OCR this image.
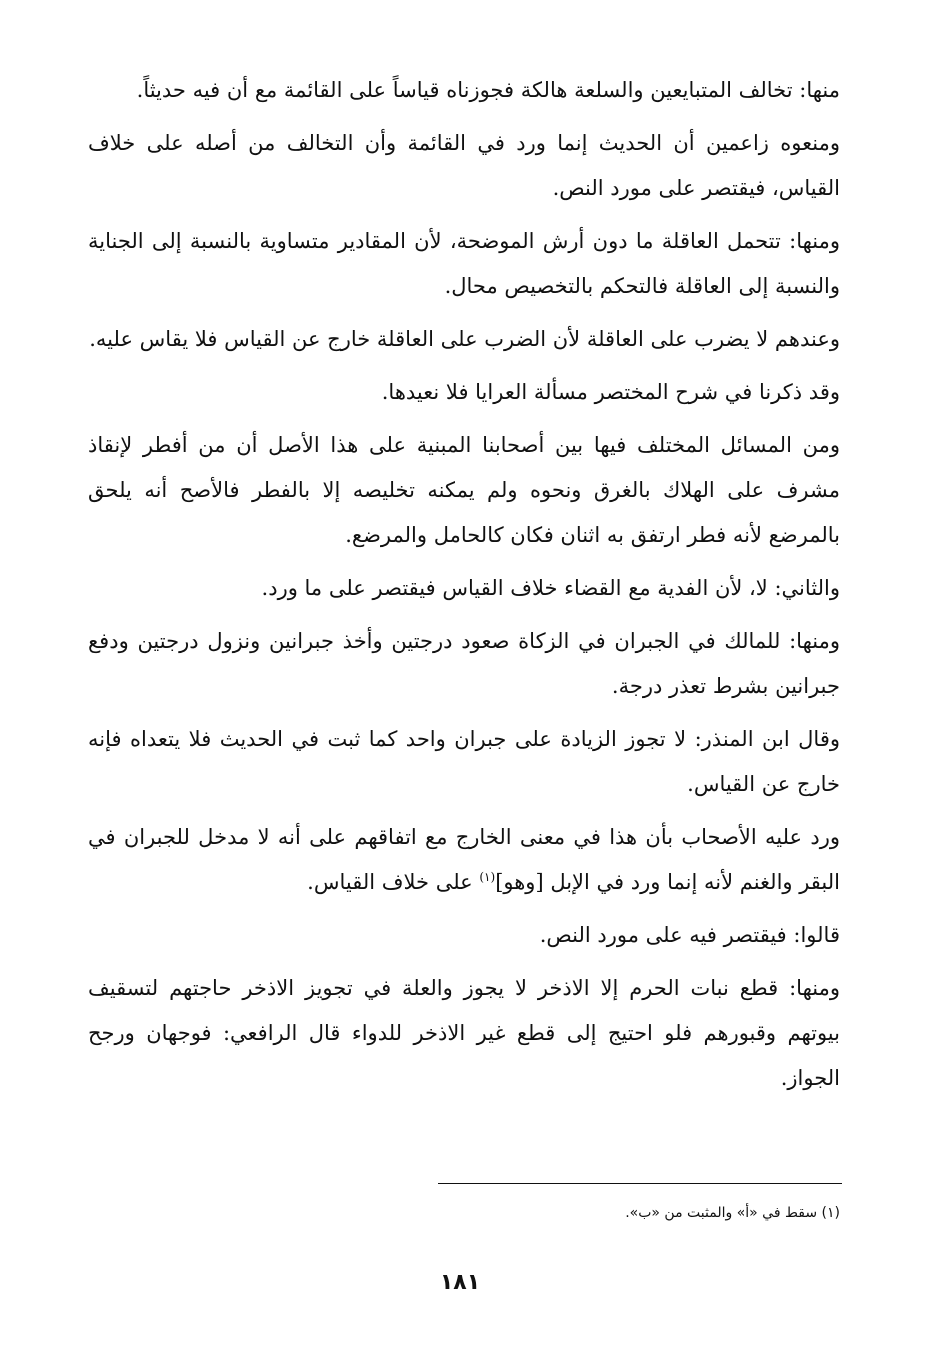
منها: تخالف المتبايعين والسلعة هالكة فجوزناه قياساً على القائمة مع أن فيه حديثاً.

ومنعوه زاعمين أن الحديث إنما ورد في القائمة وأن التخالف من أصله على خلاف القياس، فيقتصر على مورد النص.

ومنها: تتحمل العاقلة ما دون أرش الموضحة، لأن المقادير متساوية بالنسبة إلى الجناية والنسبة إلى العاقلة فالتحكم بالتخصيص محال.

وعندهم لا يضرب على العاقلة لأن الضرب على العاقلة خارج عن القياس فلا يقاس عليه.

وقد ذكرنا في شرح المختصر مسألة العرايا فلا نعيدها.

ومن المسائل المختلف فيها بين أصحابنا المبنية على هذا الأصل أن من أفطر لإنقاذ مشرف على الهلاك بالغرق ونحوه ولم يمكنه تخليصه إلا بالفطر فالأصح أنه يلحق بالمرضع لأنه فطر ارتفق به اثنان فكان كالحامل والمرضع.

والثاني: لا، لأن الفدية مع القضاء خلاف القياس فيقتصر على ما ورد.

ومنها: للمالك في الجبران في الزكاة صعود درجتين وأخذ جبرانين ونزول درجتين ودفع جبرانين بشرط تعذر درجة.

وقال ابن المنذر: لا تجوز الزيادة على جبران واحد كما ثبت في الحديث فلا يتعداه فإنه خارج عن القياس.

ورد عليه الأصحاب بأن هذا في معنى الخارج مع اتفاقهم على أنه لا مدخل للجبران في البقر والغنم لأنه إنما ورد في الإبل [وهو]$^{(١)}$ على خلاف القياس.

قالوا: فيقتصر فيه على مورد النص.

ومنها: قطع نبات الحرم إلا الاذخر لا يجوز والعلة في تجويز الاذخر حاجتهم لتسقيف بيوتهم وقبورهم فلو احتيج إلى قطع غير الاذخر للدواء قال الرافعي: فوجهان ورجح الجواز.

(١) سقط في «أ» والمثبت من «ب».
١٨١
